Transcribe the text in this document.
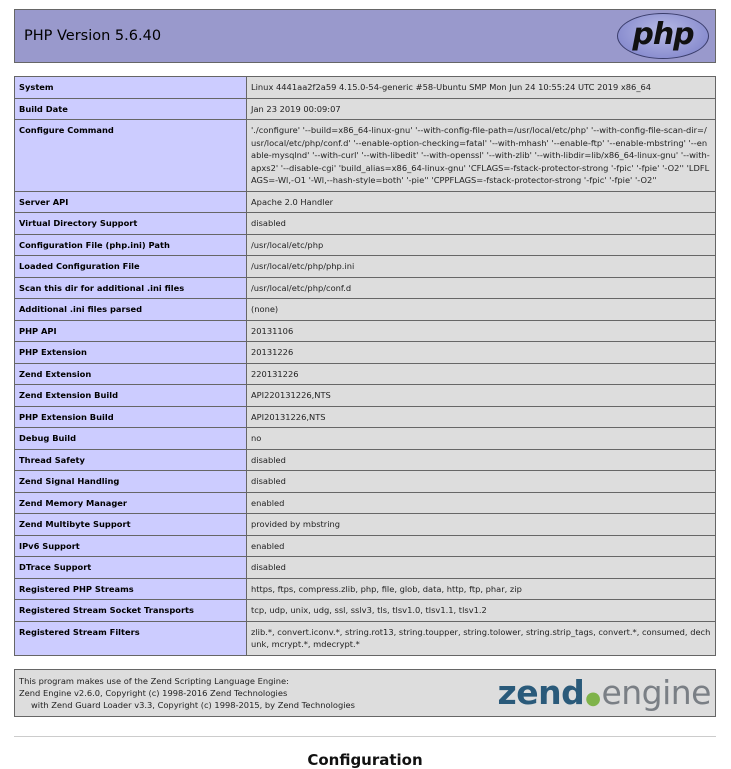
PHP Version 5.6.40	php
System	Linux 4441aa2f2a59 4.15.0-54-generic #58-Ubuntu SMP Mon Jun 24 10:55:24 UTC 2019 x86_64
Build Date	Jan 23 2019 00:09:07
Configure Command	'./configure' '--build=x86_64-linux-gnu' '--with-config-file-path=/usr/local/etc/php' '--with-config-file-scan-dir=/usr/local/etc/php/conf.d' '--enable-option-checking=fatal' '--with-mhash' '--enable-ftp' '--enable-mbstring' '--enable-mysqlnd' '--with-curl' '--with-libedit' '--with-openssl' '--with-zlib' '--with-libdir=lib/x86_64-linux-gnu' '--with-apxs2' '--disable-cgi' 'build_alias=x86_64-linux-gnu' 'CFLAGS=-fstack-protector-strong '-fpic' '-fpie' '-O2'' 'LDFLAGS=-Wl,-O1 '-Wl,--hash-style=both' '-pie'' 'CPPFLAGS=-fstack-protector-strong '-fpic' '-fpie' '-O2''
Server API	Apache 2.0 Handler
Virtual Directory Support	disabled
Configuration File (php.ini) Path	/usr/local/etc/php
Loaded Configuration File	/usr/local/etc/php/php.ini
Scan this dir for additional .ini files	/usr/local/etc/php/conf.d
Additional .ini files parsed	(none)
PHP API	20131106
PHP Extension	20131226
Zend Extension	220131226
Zend Extension Build	API220131226,NTS
PHP Extension Build	API20131226,NTS
Debug Build	no
Thread Safety	disabled
Zend Signal Handling	disabled
Zend Memory Manager	enabled
Zend Multibyte Support	provided by mbstring
IPv6 Support	enabled
DTrace Support	disabled
Registered PHP Streams	https, ftps, compress.zlib, php, file, glob, data, http, ftp, phar, zip
Registered Stream Socket Transports	tcp, udp, unix, udg, ssl, sslv3, tls, tlsv1.0, tlsv1.1, tlsv1.2
Registered Stream Filters	zlib.*, convert.iconv.*, string.rot13, string.toupper, string.tolower, string.strip_tags, convert.*, consumed, dechunk, mcrypt.*, mdecrypt.*
This program makes use of the Zend Scripting Language Engine:
Zend Engine v2.6.0, Copyright (c) 1998-2016 Zend Technologies
with Zend Guard Loader v3.3, Copyright (c) 1998-2015, by Zend Technologies	zend ● engine
Configuration
